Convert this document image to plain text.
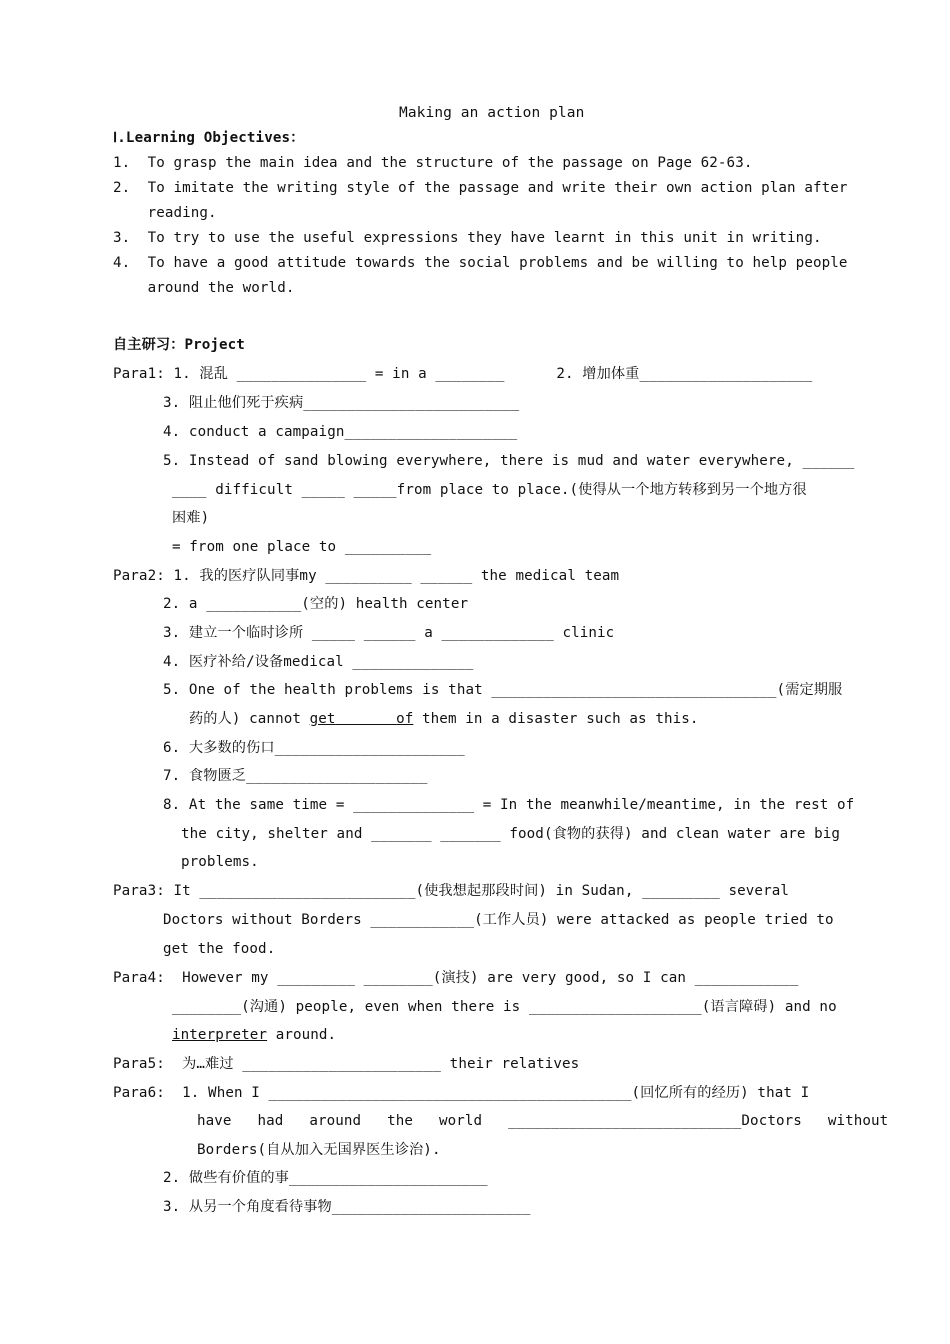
Making an action plan
Ⅰ.Learning Objectives：
1.  To grasp the main idea and the structure of the passage on Page 62-63.
2.  To imitate the writing style of the passage and write their own action plan after
reading.
3.  To try to use the useful expressions they have learnt in this unit in writing.
4.  To have a good attitude towards the social problems and be willing to help people
around the world.
自主研习：Project
Para1: 1. 混乱 _______________ = in a ________      2. 增加体重____________________
3. 阻止他们死于疾病_________________________
4. conduct a campaign____________________
5. Instead of sand blowing everywhere, there is mud and water everywhere, ______
____ difficult _____ _____from place to place.(使得从一个地方转移到另一个地方很
困难)
= from one place to __________
Para2: 1. 我的医疗队同事my __________ ______ the medical team
2. a ___________(空的) health center
3. 建立一个临时诊所 _____ ______ a _____________ clinic
4. 医疗补给/设备medical ______________
5. One of the health problems is that _________________________________(需定期服
药的人) cannot get	of them in a disaster such as this.
6. 大多数的伤口______________________
7. 食物匮乏_____________________
8. At the same time = ______________ = In the meanwhile/meantime, in the rest of
the city, shelter and _______ _______ food(食物的获得) and clean water are big
problems.
Para3: It _________________________(使我想起那段时间) in Sudan, _________ several
Doctors without Borders ____________(工作人员) were attacked as people tried to
get the food.
Para4:  However my _________ ________(演技) are very good, so I can ____________
________(沟通) people, even when there is ____________________(语言障碍) and no
interpreter around.
Para5:  为…难过 _______________________ their relatives
Para6:  1. When I __________________________________________(回忆所有的经历) that I
have   had   around   the   world   ___________________________Doctors   without
Borders(自从加入无国界医生诊治).
2. 做些有价值的事_______________________
3. 从另一个角度看待事物_______________________
